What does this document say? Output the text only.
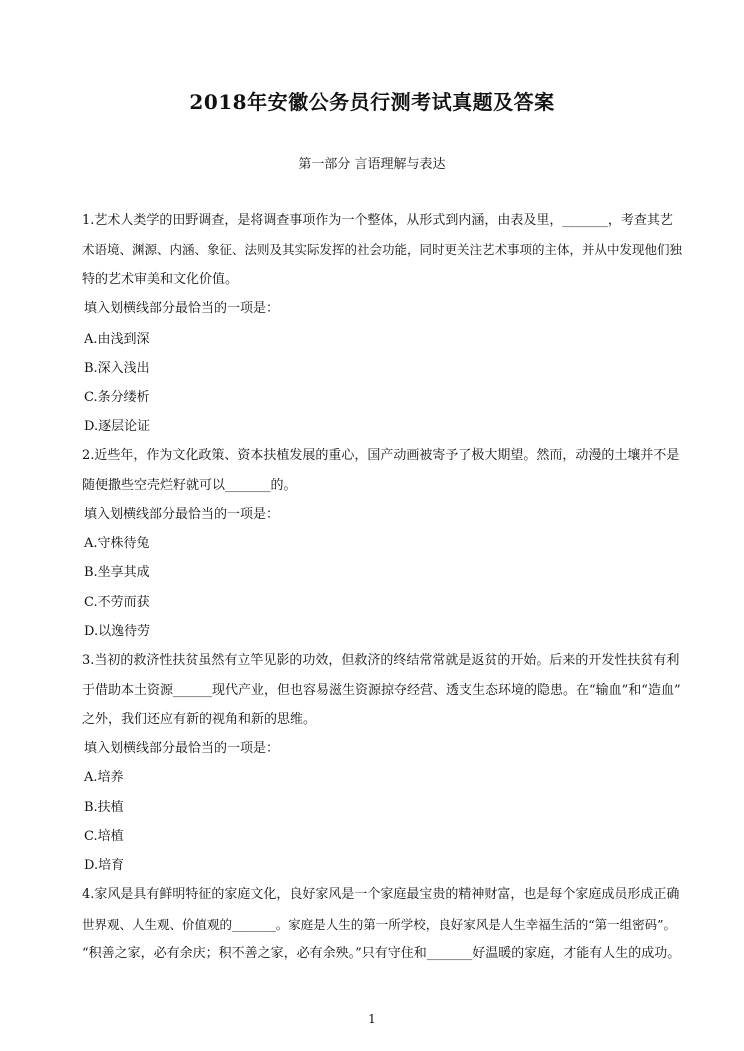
2018年安徽公务员行测考试真题及答案
第一部分 言语理解与表达
1.艺术人类学的田野调查，是将调查事项作为一个整体，从形式到内涵，由表及里，_______，考查其艺
术语境、渊源、内涵、象征、法则及其实际发挥的社会功能，同时更关注艺术事项的主体，并从中发现他们独
特的艺术审美和文化价值。
填入划横线部分最恰当的一项是：
A.由浅到深
B.深入浅出
C.条分缕析
D.逐层论证
2.近些年，作为文化政策、资本扶植发展的重心，国产动画被寄予了极大期望。然而，动漫的土壤并不是
随便撒些空壳烂籽就可以_______的。
填入划横线部分最恰当的一项是：
A.守株待兔
B.坐享其成
C.不劳而获
D.以逸待劳
3.当初的救济性扶贫虽然有立竿见影的功效，但救济的终结常常就是返贫的开始。后来的开发性扶贫有利
于借助本土资源______现代产业，但也容易滋生资源掠夺经营、透支生态环境的隐患。在“输血”和“造血”
之外，我们还应有新的视角和新的思维。
填入划横线部分最恰当的一项是：
A.培养
B.扶植
C.培植
D.培育
4.家风是具有鲜明特征的家庭文化，良好家风是一个家庭最宝贵的精神财富，也是每个家庭成员形成正确
世界观、人生观、价值观的_______。家庭是人生的第一所学校，良好家风是人生幸福生活的“第一组密码”。
“积善之家，必有余庆；积不善之家，必有余殃。”只有守住和_______好温暖的家庭，才能有人生的成功。
1
